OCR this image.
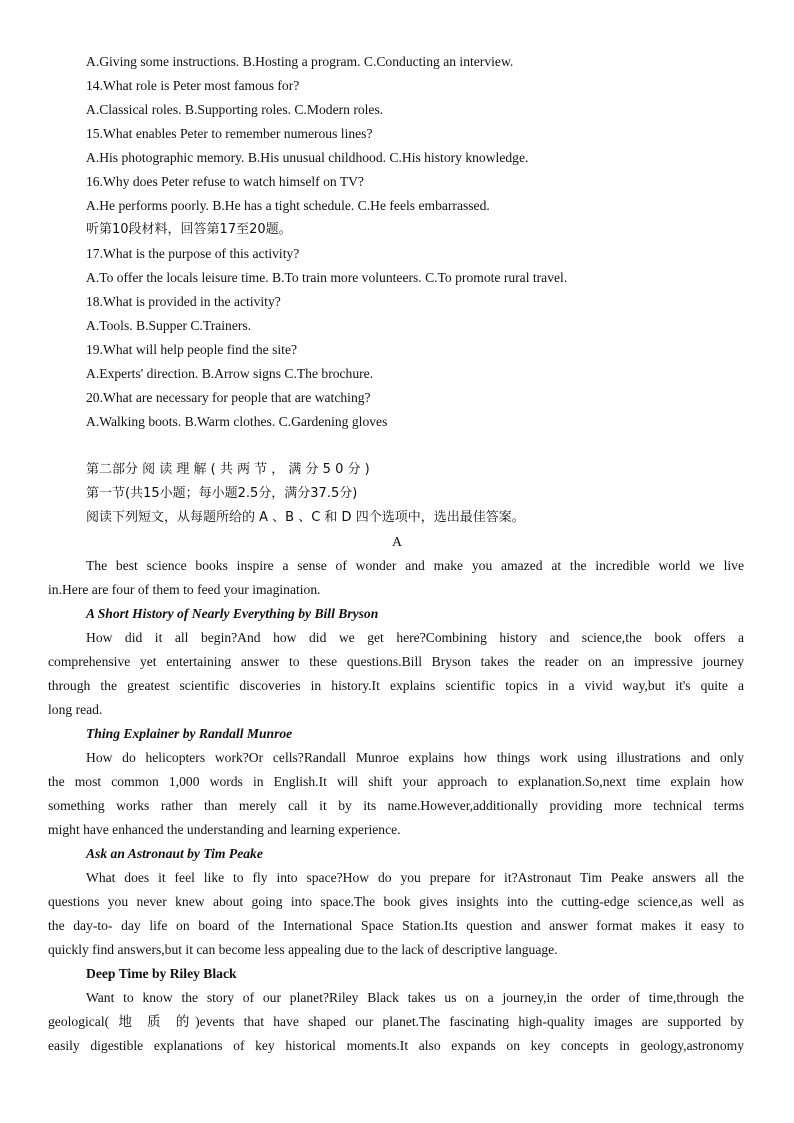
A.Giving some instructions. B.Hosting a program. C.Conducting an interview.
14.What role is Peter most famous for?
A.Classical roles. B.Supporting roles. C.Modern roles.
15.What enables Peter to remember numerous lines?
A.His photographic memory. B.His unusual childhood. C.His history knowledge.
16.Why does Peter refuse to watch himself on TV?
A.He performs poorly. B.He has a tight schedule. C.He feels embarrassed.
听第10段材料，回答第17至20题。
17.What is the purpose of this activity?
A.To offer the locals leisure time. B.To train more volunteers. C.To promote rural travel.
18.What is provided in the activity?
A.Tools. B.Supper C.Trainers.
19.What will help people find the site?
A.Experts' direction. B.Arrow signs C.The brochure.
20.What are necessary for people that are watching?
A.Walking boots. B.Warm clothes. C.Gardening gloves
第二部分 阅 读 理 解 ( 共 两 节 ， 满 分 5 0 分 )
第一节(共15小题；每小题2.5分，满分37.5分)
阅读下列短文，从每题所给的 A 、B 、C 和 D 四个选项中，选出最佳答案。
A
The best science books inspire a sense of wonder and make you amazed at the incredible world we live
in.Here are four of them to feed your imagination.
A Short History of Nearly Everything by Bill Bryson
How did it all begin?And how did we get here?Combining history and science,the book offers a
comprehensive yet entertaining answer to these questions.Bill Bryson takes the reader on an impressive journey
through the greatest scientific discoveries in history.It explains scientific topics in a vivid way,but it's quite a
long read.
Thing Explainer by Randall Munroe
How do helicopters work?Or cells?Randall Munroe explains how things work using illustrations and only
the most common 1,000 words in English.It will shift your approach to explanation.So,next time explain how
something works rather than merely call it by its name.However,additionally providing more technical terms
might have enhanced the understanding and learning experience.
Ask an Astronaut by Tim Peake
What does it feel like to fly into space?How do you prepare for it?Astronaut Tim Peake answers all the
questions you never knew about going into space.The book gives insights into the cutting-edge science,as well as
the day-to- day life on board of the International Space Station.Its question and answer format makes it easy to
quickly find answers,but it can become less appealing due to the lack of descriptive language.
Deep Time by Riley Black
Want to know the story of our planet?Riley Black takes us on a journey,in the order of time,through the
geological( 地 质 的)events that have shaped our planet.The fascinating high-quality images are supported by
easily digestible explanations of key historical moments.It also expands on key concepts in geology,astronomy
